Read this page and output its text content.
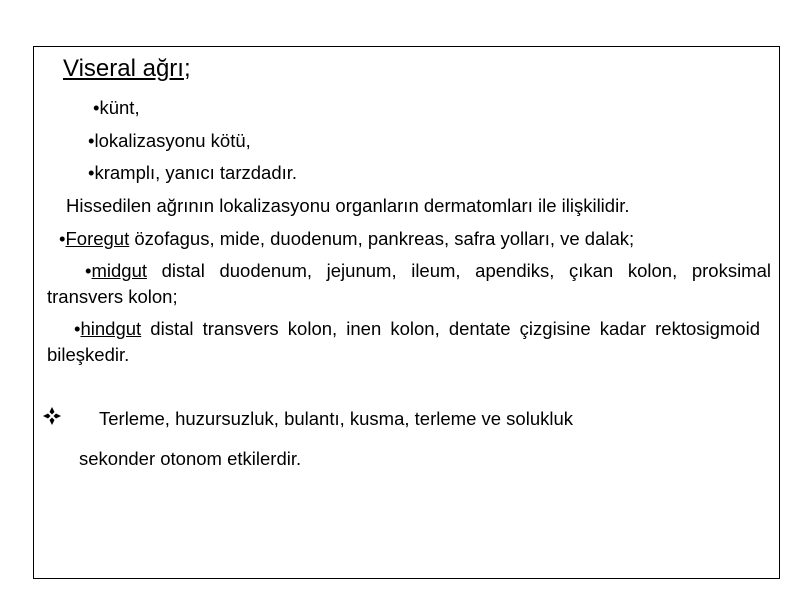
Viseral ağrı;
•künt,
•lokalizasyonu kötü,
•kramplı, yanıcı tarzdadır.
Hissedilen ağrının lokalizasyonu organların dermatomları ile ilişkilidir.
•Foregut özofagus, mide, duodenum, pankreas, safra yolları, ve dalak;
•midgut distal duodenum, jejunum, ileum, apendiks, çıkan kolon, proksimal transvers kolon;
•hindgut distal transvers kolon, inen kolon, dentate çizgisine kadar rektosigmoid bileşkedir.
Terleme, huzursuzluk, bulantı, kusma, terleme ve solukluk
sekonder otonom etkilerdir.
